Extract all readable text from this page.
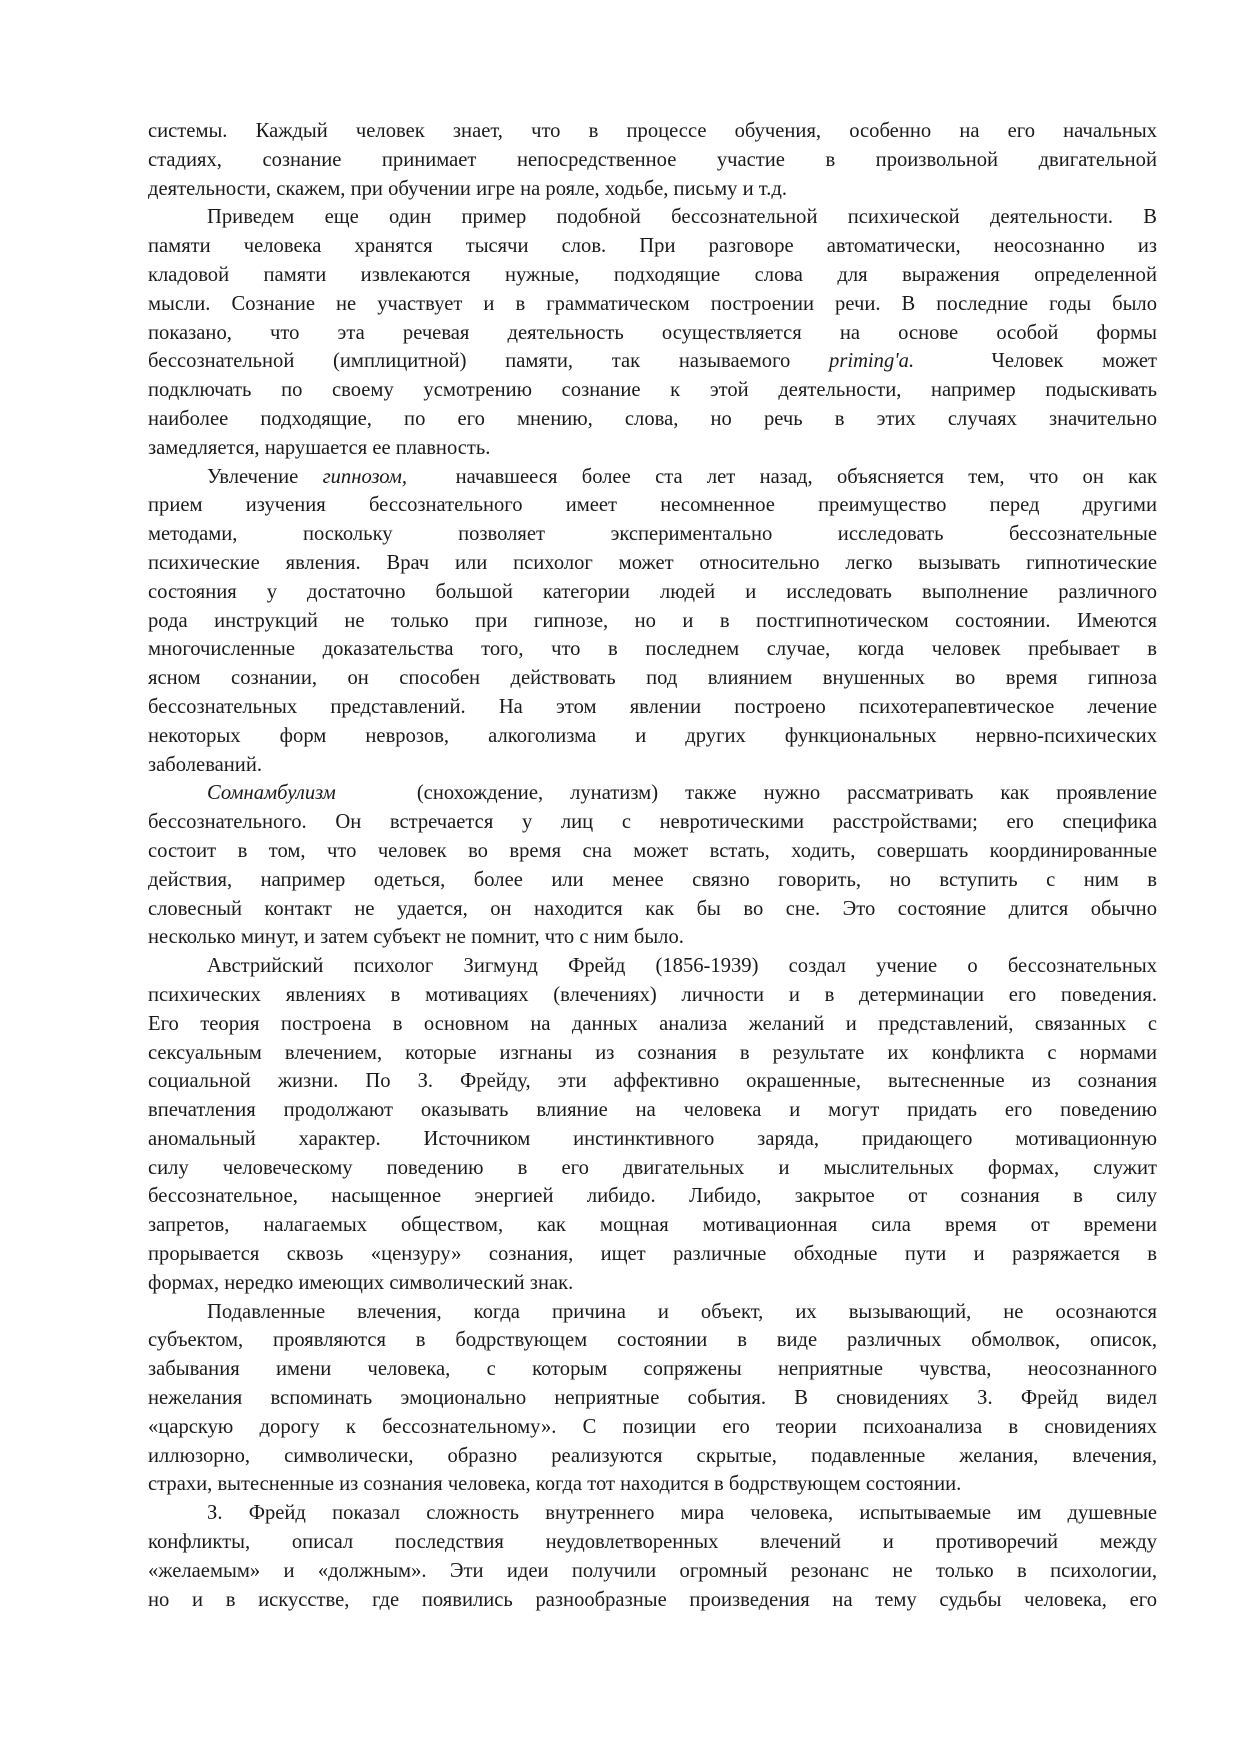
системы. Каждый человек знает, что в процессе обучения, особенно на его начальных
стадиях, сознание принимает непосредственное участие в произвольной двигательной
деятельности, скажем, при обучении игре на рояле, ходьбе, письму и т.д.
Приведем еще один пример подобной бессознательной психической деятельности. В
памяти человека хранятся тысячи слов. При разговоре автоматически, неосознанно из
кладовой памяти извлекаются нужные, подходящие слова для выражения определенной
мысли. Сознание не участвует и в грамматическом построении речи. В последние годы было
показано, что эта речевая деятельность осуществляется на основе особой формы
бессознательной (имплицитной) памяти, так называемого priming'a.  Человек может
подключать по своему усмотрению сознание к этой деятельности, например подыскивать
наиболее подходящие, по его мнению, слова, но речь в этих случаях значительно
замедляется, нарушается ее плавность.
Увлечение гипнозом,  начавшееся более ста лет назад, объясняется тем, что он как
прием изучения бессознательного имеет несомненное преимущество перед другими
методами, поскольку позволяет экспериментально исследовать бессознательные
психические явления. Врач или психолог может относительно легко вызывать гипнотические
состояния у достаточно большой категории людей и исследовать выполнение различного
рода инструкций не только при гипнозе, но и в постгипнотическом состоянии. Имеются
многочисленные доказательства того, что в последнем случае, когда человек пребывает в
ясном сознании, он способен действовать под влиянием внушенных во время гипноза
бессознательных представлений. На этом явлении построено психотерапевтическое лечение
некоторых форм неврозов, алкоголизма и других функциональных нервно-психических
заболеваний.
Сомнамбулизм   (снохождение, лунатизм) также нужно рассматривать как проявление
бессознательного. Он встречается у лиц с невротическими расстройствами; его специфика
состоит в том, что человек во время сна может встать, ходить, совершать координированные
действия, например одеться, более или менее связно говорить, но вступить с ним в
словесный контакт не удается, он находится как бы во сне. Это состояние длится обычно
несколько минут, и затем субъект не помнит, что с ним было.
Австрийский психолог Зигмунд Фрейд (1856-1939) создал учение о бессознательных
психических явлениях в мотивациях (влечениях) личности и в детерминации его поведения.
Его теория построена в основном на данных анализа желаний и представлений, связанных с
сексуальным влечением, которые изгнаны из сознания в результате их конфликта с нормами
социальной жизни. По З. Фрейду, эти аффективно окрашенные, вытесненные из сознания
впечатления продолжают оказывать влияние на человека и могут придать его поведению
аномальный характер. Источником инстинктивного заряда, придающего мотивационную
силу человеческому поведению в его двигательных и мыслительных формах, служит
бессознательное, насыщенное энергией либидо. Либидо, закрытое от сознания в силу
запретов, налагаемых обществом, как мощная мотивационная сила время от времени
прорывается сквозь «цензуру» сознания, ищет различные обходные пути и разряжается в
формах, нередко имеющих символический знак.
Подавленные влечения, когда причина и объект, их вызывающий, не осознаются
субъектом, проявляются в бодрствующем состоянии в виде различных обмолвок, описок,
забывания имени человека, с которым сопряжены неприятные чувства, неосознанного
нежелания вспоминать эмоционально неприятные события. В сновидениях З. Фрейд видел
«царскую дорогу к бессознательному». С позиции его теории психоанализа в сновидениях
иллюзорно, символически, образно реализуются скрытые, подавленные желания, влечения,
страхи, вытесненные из сознания человека, когда тот находится в бодрствующем состоянии.
З. Фрейд показал сложность внутреннего мира человека, испытываемые им душевные
конфликты, описал последствия неудовлетворенных влечений и противоречий между
«желаемым» и «должным». Эти идеи получили огромный резонанс не только в психологии,
но и в искусстве, где появились разнообразные произведения на тему судьбы человека, его
